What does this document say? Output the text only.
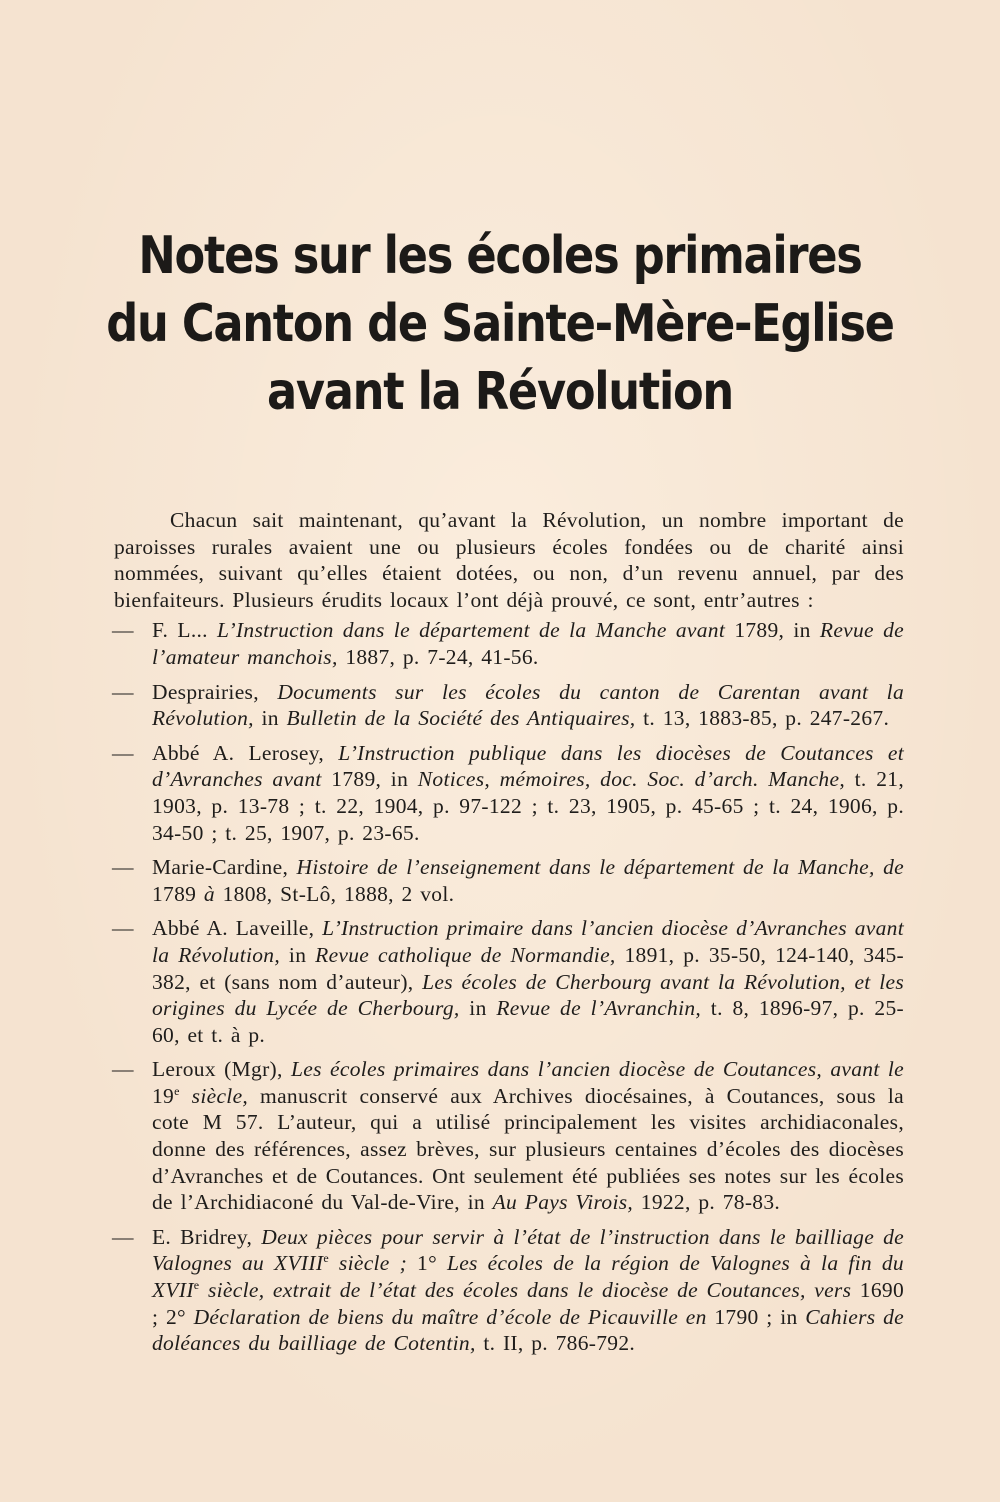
Notes sur les écoles primaires
du Canton de Sainte-Mère-Eglise
avant la Révolution

Chacun sait maintenant, qu’avant la Révolution, un nombre important de paroisses rurales avaient une ou plusieurs écoles fondées ou de charité ainsi nommées, suivant qu’elles étaient dotées, ou non, d’un revenu annuel, par des bienfaiteurs. Plusieurs érudits locaux l’ont déjà prouvé, ce sont, entr’autres :

— F. L... L’Instruction dans le département de la Manche avant 1789, in Revue de l’amateur manchois, 1887, p. 7-24, 41-56.

— Desprairies, Documents sur les écoles du canton de Carentan avant la Révolution, in Bulletin de la Société des Antiquaires, t. 13, 1883-85, p. 247-267.

— Abbé A. Lerosey, L’Instruction publique dans les diocèses de Coutances et d’Avranches avant 1789, in Notices, mémoires, doc. Soc. d’arch. Manche, t. 21, 1903, p. 13-78 ; t. 22, 1904, p. 97-122 ; t. 23, 1905, p. 45-65 ; t. 24, 1906, p. 34-50 ; t. 25, 1907, p. 23-65.

— Marie-Cardine, Histoire de l’enseignement dans le département de la Manche, de 1789 à 1808, St-Lô, 1888, 2 vol.

— Abbé A. Laveille, L’Instruction primaire dans l’ancien diocèse d’Avranches avant la Révolution, in Revue catholique de Normandie, 1891, p. 35-50, 124-140, 345-382, et (sans nom d’auteur), Les écoles de Cherbourg avant la Révolution, et les origines du Lycée de Cherbourg, in Revue de l’Avranchin, t. 8, 1896-97, p. 25-60, et t. à p.

— Leroux (Mgr), Les écoles primaires dans l’ancien diocèse de Coutances, avant le 19e siècle, manuscrit conservé aux Archives diocésaines, à Coutances, sous la cote M 57. L’auteur, qui a utilisé principalement les visites archidiaconales, donne des références, assez brèves, sur plusieurs centaines d’écoles des diocèses d’Avranches et de Coutances. Ont seulement été publiées ses notes sur les écoles de l’Archidiaconé du Val-de-Vire, in Au Pays Virois, 1922, p. 78-83.

— E. Bridrey, Deux pièces pour servir à l’état de l’instruction dans le bailliage de Valognes au XVIIIe siècle ; 1° Les écoles de la région de Valognes à la fin du XVIIe siècle, extrait de l’état des écoles dans le diocèse de Coutances, vers 1690 ; 2° Déclaration de biens du maître d’école de Picauville en 1790 ; in Cahiers de doléances du bailliage de Cotentin, t. II, p. 786-792.
